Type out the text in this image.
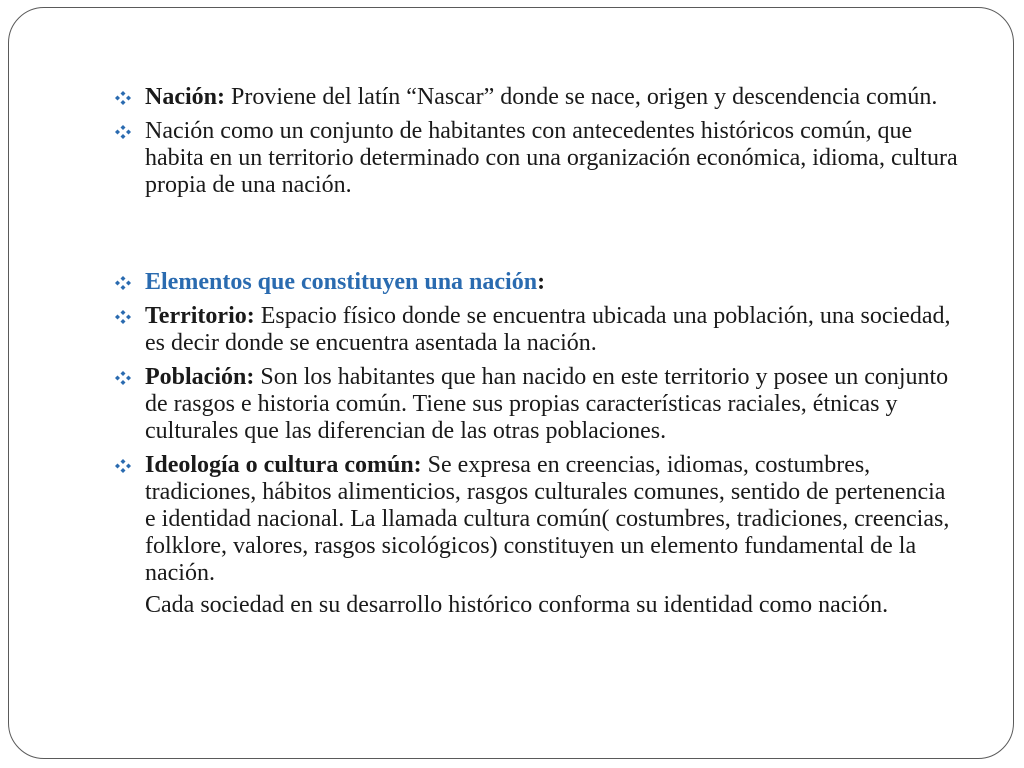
Nación: Proviene del latín “Nascar” donde se nace, origen y descendencia común.
Nación como un conjunto de habitantes con antecedentes históricos común, que habita en un territorio determinado con una organización económica, idioma, cultura propia de una nación.
Elementos que constituyen una nación:
Territorio: Espacio físico donde se encuentra ubicada una población, una sociedad, es decir donde se encuentra asentada la nación.
Población: Son los habitantes que han nacido en este territorio y posee un conjunto de rasgos e historia común. Tiene sus propias características raciales, étnicas y culturales que las diferencian de las otras poblaciones.
Ideología o cultura común: Se expresa en creencias, idiomas, costumbres, tradiciones, hábitos alimenticios, rasgos culturales comunes, sentido de pertenencia e identidad nacional. La llamada cultura común( costumbres, tradiciones, creencias, folklore, valores, rasgos sicológicos) constituyen un elemento fundamental de la nación.
Cada sociedad en su desarrollo histórico conforma su identidad como nación.
